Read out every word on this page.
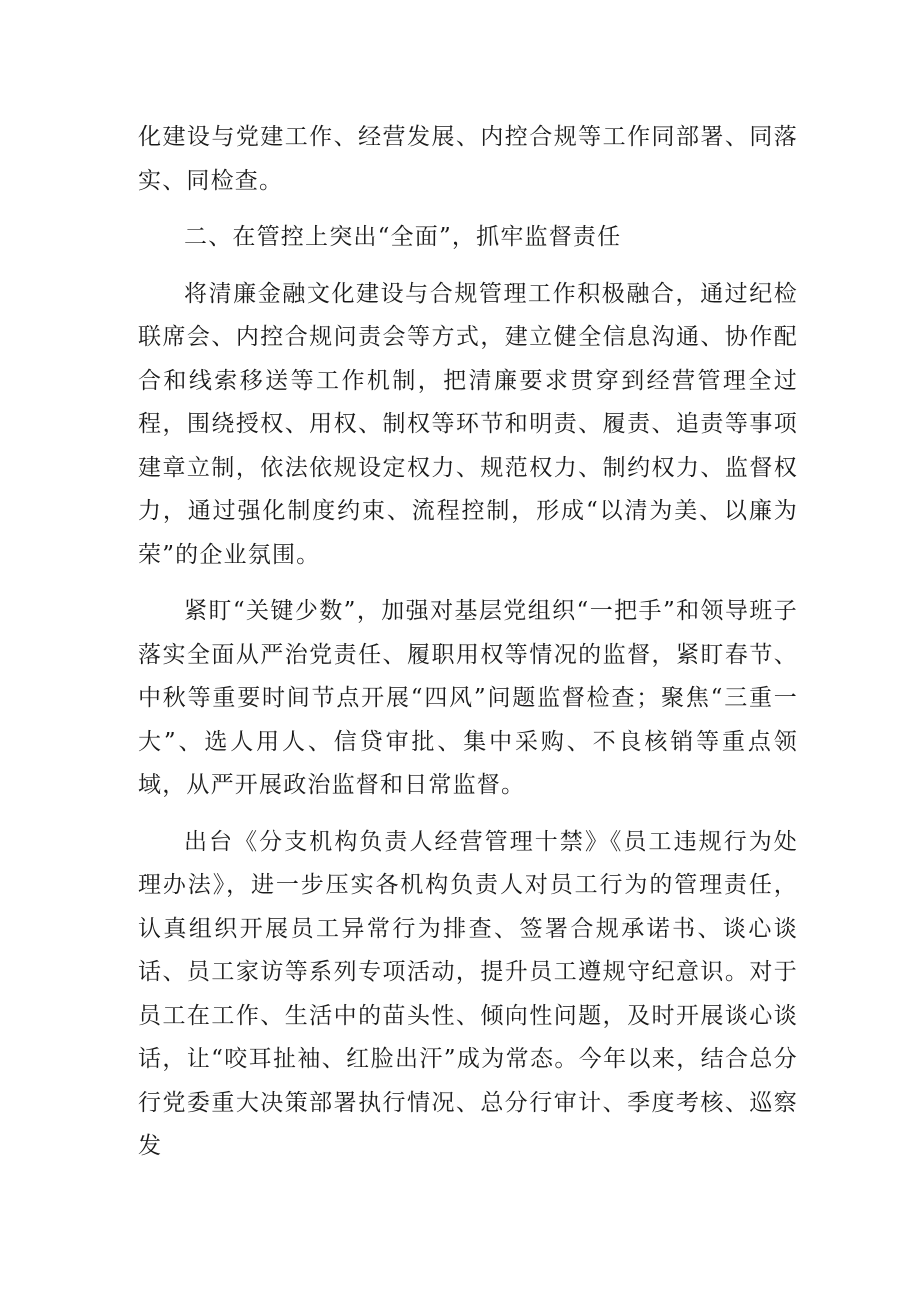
化建设与党建工作、经营发展、内控合规等工作同部署、同落实、同检查。

二、在管控上突出“全面”，抓牢监督责任

将清廉金融文化建设与合规管理工作积极融合，通过纪检联席会、内控合规问责会等方式，建立健全信息沟通、协作配合和线索移送等工作机制，把清廉要求贯穿到经营管理全过程，围绕授权、用权、制权等环节和明责、履责、追责等事项建章立制，依法依规设定权力、规范权力、制约权力、监督权力，通过强化制度约束、流程控制，形成“以清为美、以廉为荣”的企业氛围。

紧盯“关键少数”，加强对基层党组织“一把手”和领导班子落实全面从严治党责任、履职用权等情况的监督，紧盯春节、中秋等重要时间节点开展“四风”问题监督检查；聚焦“三重一大”、选人用人、信贷审批、集中采购、不良核销等重点领域，从严开展政治监督和日常监督。

出台《分支机构负责人经营管理十禁》《员工违规行为处理办法》，进一步压实各机构负责人对员工行为的管理责任，认真组织开展员工异常行为排查、签署合规承诺书、谈心谈话、员工家访等系列专项活动，提升员工遵规守纪意识。对于员工在工作、生活中的苗头性、倾向性问题，及时开展谈心谈话，让“咬耳扯袖、红脸出汗”成为常态。今年以来，结合总分行党委重大决策部署执行情况、总分行审计、季度考核、巡察发
